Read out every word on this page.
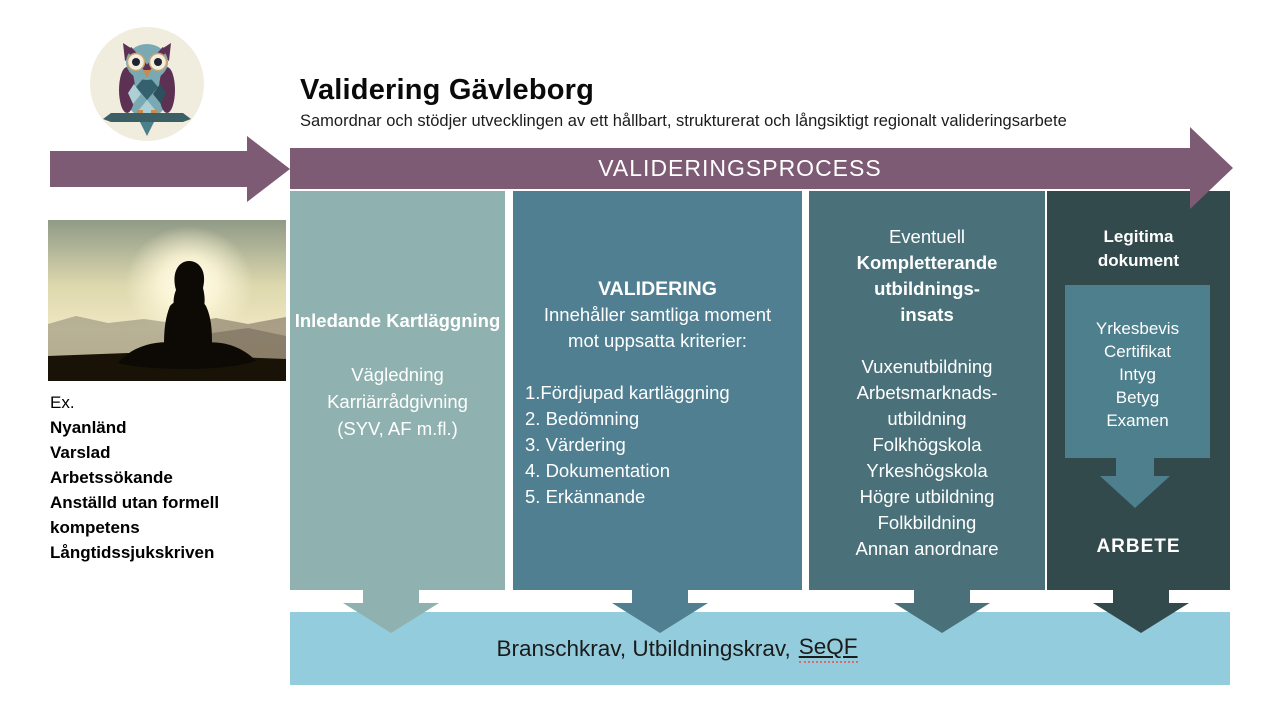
Validering Gävleborg
Samordnar och stödjer utvecklingen av ett hållbart, strukturerat och långsiktigt regionalt valideringsarbete
VALIDERINGSPROCESS
Ex.
Nyanländ
Varslad
Arbetssökande
Anställd utan formell kompetens
Långtidssjukskriven
Inledande Kartläggning
Vägledning
Karriärrådgivning
(SYV, AF m.fl.)
VALIDERING
Innehåller samtliga moment
mot uppsatta kriterier:
1.Fördjupad kartläggning
2. Bedömning
3. Värdering
4. Dokumentation
5. Erkännande
Eventuell
Kompletterande
utbildnings-
insats
Vuxenutbildning
Arbetsmarknads-
utbildning
Folkhögskola
Yrkeshögskola
Högre utbildning
Folkbildning
Annan anordnare
Legitima
dokument
Yrkesbevis
Certifikat
Intyg
Betyg
Examen
ARBETE
Branschkrav, Utbildningskrav, SeQF
